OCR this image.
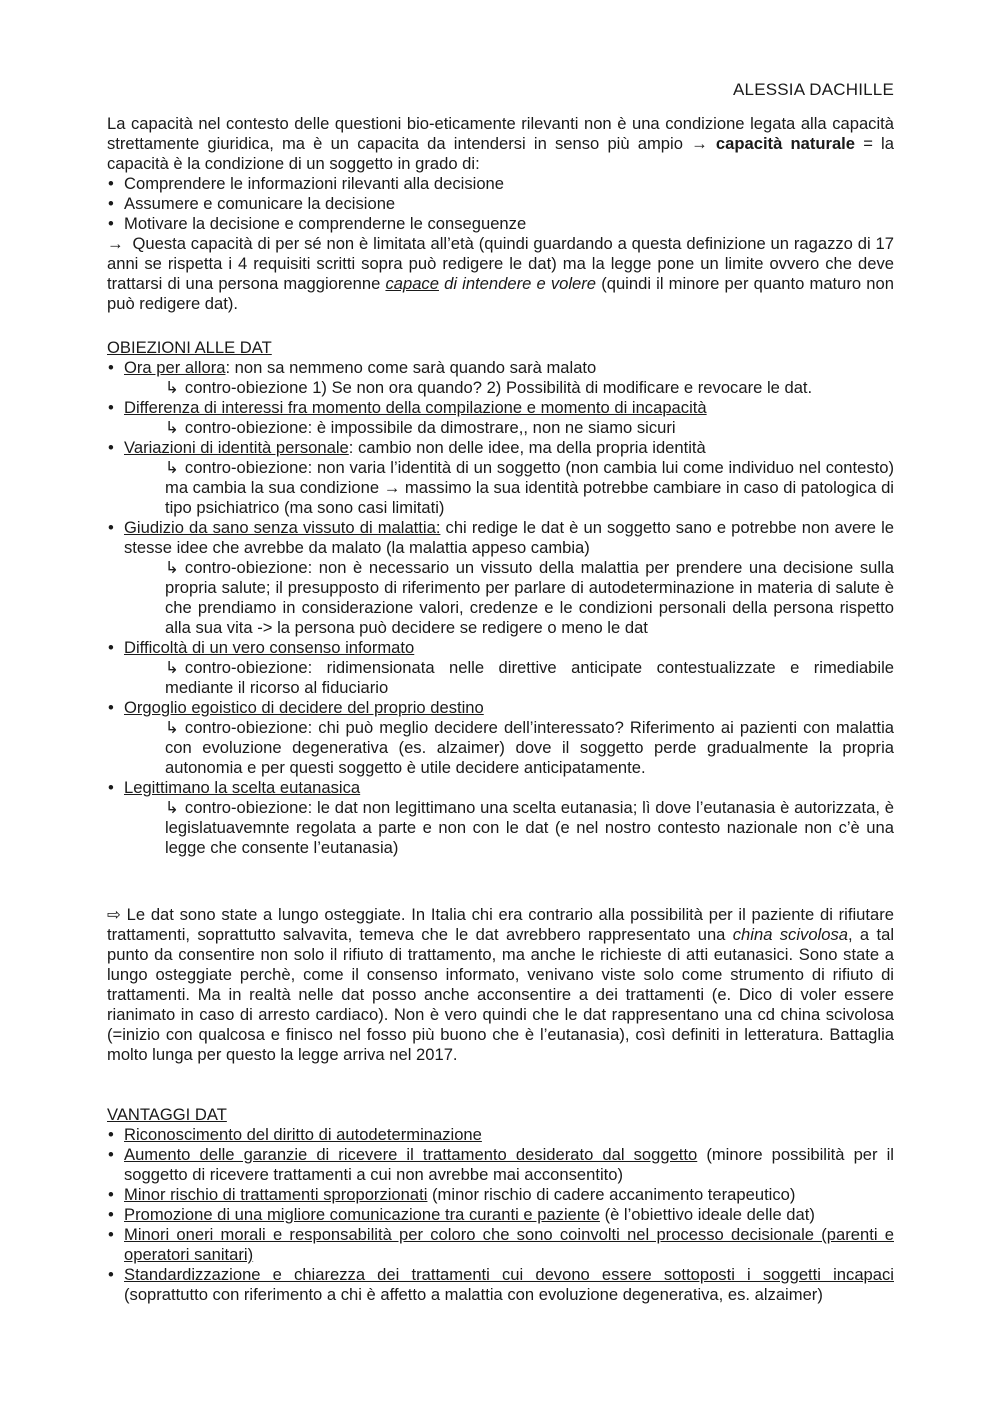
ALESSIA DACHILLE

La capacità nel contesto delle questioni bio-eticamente rilevanti non è una condizione legata alla capacità strettamente giuridica, ma è un capacita da intendersi in senso più ampio → capacità naturale = la capacità è la condizione di un soggetto in grado di:

• Comprendere le informazioni rilevanti alla decisione
• Assumere e comunicare la decisione
• Motivare la decisione e comprenderne le conseguenze

→ Questa capacità di per sé non è limitata all’età (quindi guardando a questa definizione un ragazzo di 17 anni se rispetta i 4 requisiti scritti sopra può redigere le dat) ma la legge pone un limite ovvero che deve trattarsi di una persona maggiorenne capace di intendere e volere (quindi il minore per quanto maturo non può redigere dat).

OBIEZIONI ALLE DAT
• Ora per allora: non sa nemmeno come sarà quando sarà malato
↳ contro-obiezione 1) Se non ora quando? 2) Possibilità di modificare e revocare le dat.
• Differenza di interessi fra momento della compilazione e momento di incapacità
↳ contro-obiezione: è impossibile da dimostrare,, non ne siamo sicuri
• Variazioni di identità personale: cambio non delle idee, ma della propria identità
↳ contro-obiezione: non varia l’identità di un soggetto (non cambia lui come individuo nel contesto) ma cambia la sua condizione → massimo la sua identità potrebbe cambiare in caso di patologica di tipo psichiatrico (ma sono casi limitati)
• Giudizio da sano senza vissuto di malattia: chi redige le dat è un soggetto sano e potrebbe non avere le stesse idee che avrebbe da malato (la malattia appeso cambia)
↳ contro-obiezione: non è necessario un vissuto della malattia per prendere una decisione sulla propria salute; il presupposto di riferimento per parlare di autodeterminazione in materia di salute è che prendiamo in considerazione valori, credenze e le condizioni personali della persona rispetto alla sua vita -> la persona può decidere se redigere o meno le dat
• Difficoltà di un vero consenso informato
↳ contro-obiezione: ridimensionata nelle direttive anticipate contestualizzate e rimediabile mediante il ricorso al fiduciario
• Orgoglio egoistico di decidere del proprio destino
↳ contro-obiezione: chi può meglio decidere dell’interessato? Riferimento ai pazienti con malattia con evoluzione degenerativa (es. alzaimer) dove il soggetto perde gradualmente la propria autonomia e per questi soggetto è utile decidere anticipatamente.
• Legittimano la scelta eutanasica
↳ contro-obiezione: le dat non legittimano una scelta eutanasia; lì dove l’eutanasia è autorizzata, è legislatuavemnte regolata a parte e non con le dat (e nel nostro contesto nazionale non c’è una legge che consente l’eutanasia)

⇨ Le dat sono state a lungo osteggiate. In Italia chi era contrario alla possibilità per il paziente di rifiutare trattamenti, soprattutto salvavita, temeva che le dat avrebbero rappresentato una china scivolosa, a tal punto da consentire non solo il rifiuto di trattamento, ma anche le richieste di atti eutanasici. Sono state a lungo osteggiate perchè, come il consenso informato, venivano viste solo come strumento di rifiuto di trattamenti. Ma in realtà nelle dat posso anche acconsentire a dei trattamenti (e. Dico di voler essere rianimato in caso di arresto cardiaco). Non è vero quindi che le dat rappresentano una cd china scivolosa (=inizio con qualcosa e finisco nel fosso più buono che è l’eutanasia), così definiti in letteratura. Battaglia molto lunga per questo la legge arriva nel 2017.

VANTAGGI DAT
• Riconoscimento del diritto di autodeterminazione
• Aumento delle garanzie di ricevere il trattamento desiderato dal soggetto (minore possibilità per il soggetto di ricevere trattamenti a cui non avrebbe mai acconsentito)
• Minor rischio di trattamenti sproporzionati (minor rischio di cadere accanimento terapeutico)
• Promozione di una migliore comunicazione tra curanti e paziente (è l’obiettivo ideale delle dat)
• Minori oneri morali e responsabilità per coloro che sono coinvolti nel processo decisionale (parenti e operatori sanitari)
• Standardizzazione e chiarezza dei trattamenti cui devono essere sottoposti i soggetti incapaci (soprattutto con riferimento a chi è affetto a malattia con evoluzione degenerativa, es. alzaimer)
